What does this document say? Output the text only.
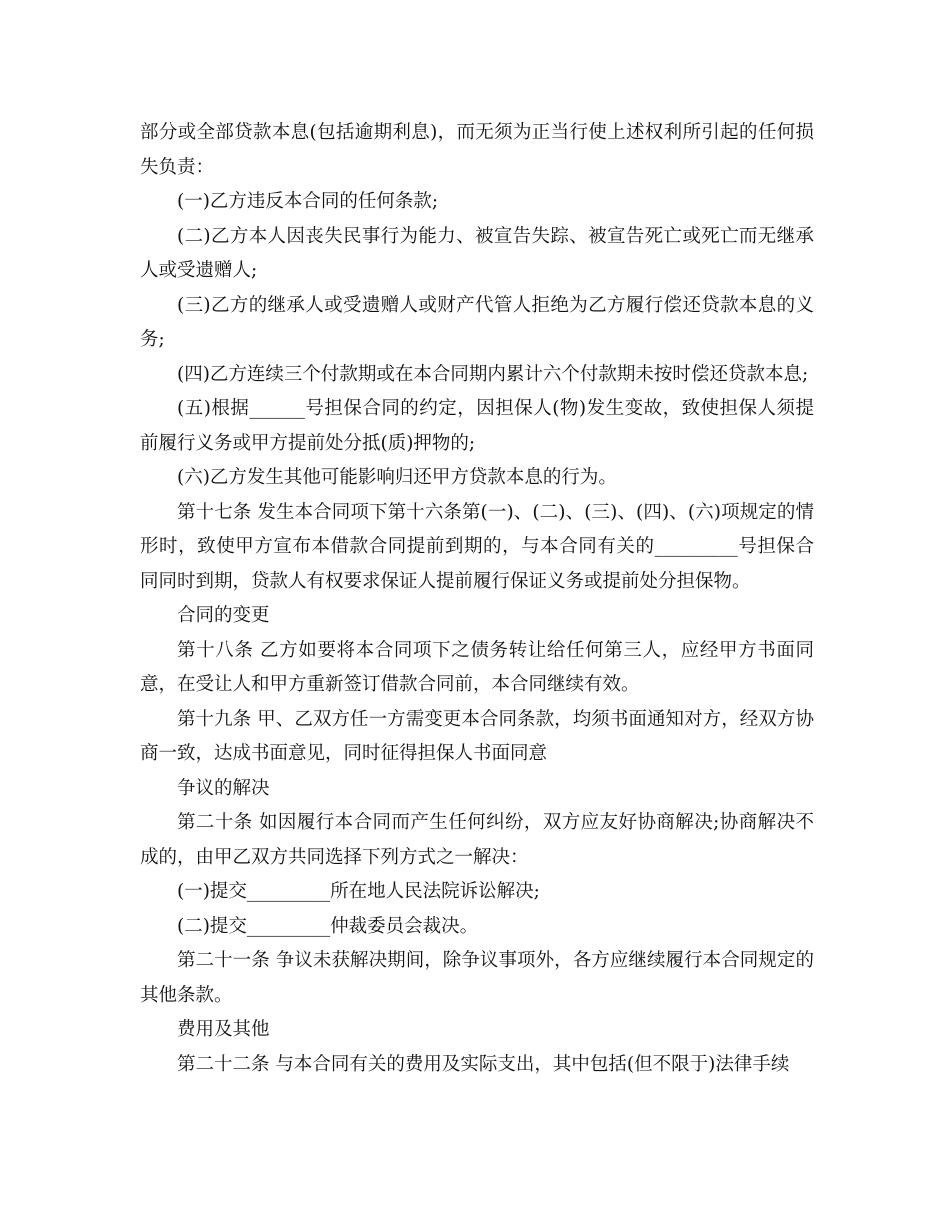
部分或全部贷款本息(包括逾期利息)，而无须为正当行使上述权利所引起的任何损失负责：

(一)乙方违反本合同的任何条款;

(二)乙方本人因丧失民事行为能力、被宣告失踪、被宣告死亡或死亡而无继承人或受遗赠人;

(三)乙方的继承人或受遗赠人或财产代管人拒绝为乙方履行偿还贷款本息的义务;

(四)乙方连续三个付款期或在本合同期内累计六个付款期未按时偿还贷款本息;

(五)根据______号担保合同的约定，因担保人(物)发生变故，致使担保人须提前履行义务或甲方提前处分抵(质)押物的;

(六)乙方发生其他可能影响归还甲方贷款本息的行为。

第十七条 发生本合同项下第十六条第(一)、(二)、(三)、(四)、(六)项规定的情形时，致使甲方宣布本借款合同提前到期的，与本合同有关的_________号担保合同同时到期，贷款人有权要求保证人提前履行保证义务或提前处分担保物。

合同的变更

第十八条 乙方如要将本合同项下之债务转让给任何第三人，应经甲方书面同意，在受让人和甲方重新签订借款合同前，本合同继续有效。

第十九条 甲、乙双方任一方需变更本合同条款，均须书面通知对方，经双方协商一致，达成书面意见，同时征得担保人书面同意

争议的解决

第二十条 如因履行本合同而产生任何纠纷，双方应友好协商解决;协商解决不成的，由甲乙双方共同选择下列方式之一解决：

(一)提交_________所在地人民法院诉讼解决;

(二)提交_________仲裁委员会裁决。

第二十一条 争议未获解决期间，除争议事项外，各方应继续履行本合同规定的其他条款。

费用及其他

第二十二条 与本合同有关的费用及实际支出，其中包括(但不限于)法律手续
